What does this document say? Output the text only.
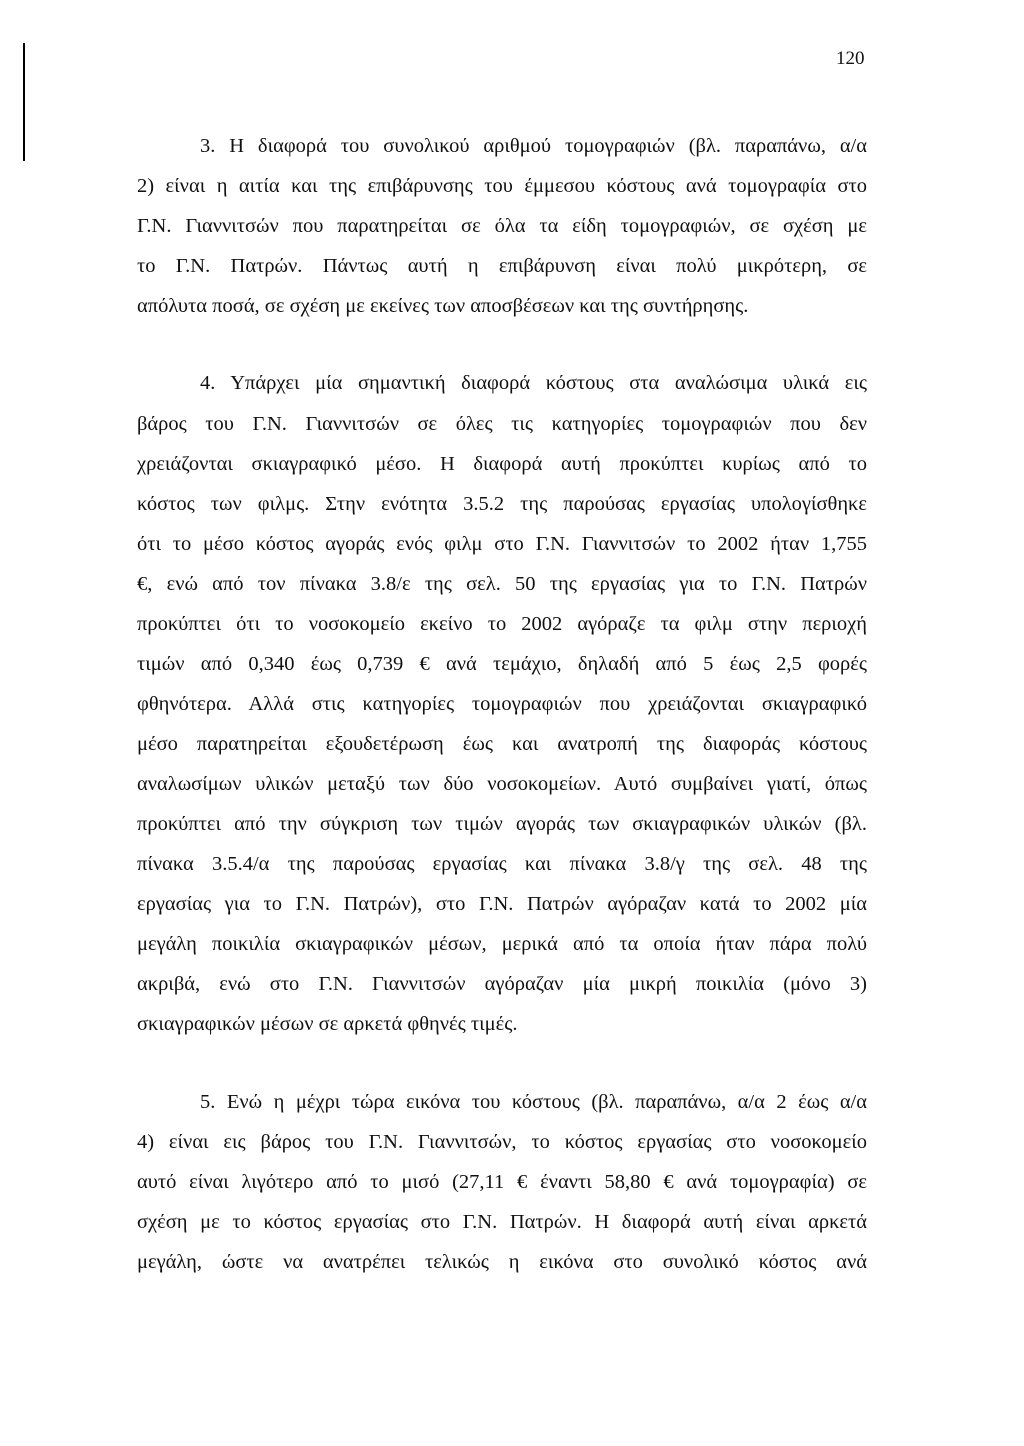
120
3. Η διαφορά του συνολικού αριθμού τομογραφιών (βλ. παραπάνω, α/α
2) είναι η αιτία και της επιβάρυνσης του έμμεσου κόστους ανά τομογραφία στο
Γ.Ν. Γιαννιτσών που παρατηρείται σε όλα τα είδη τομογραφιών, σε σχέση με
το Γ.Ν. Πατρών. Πάντως αυτή η επιβάρυνση είναι πολύ μικρότερη, σε
απόλυτα ποσά, σε σχέση με εκείνες των αποσβέσεων και της συντήρησης.
4. Υπάρχει μία σημαντική διαφορά κόστους στα αναλώσιμα υλικά εις
βάρος του Γ.Ν. Γιαννιτσών σε όλες τις κατηγορίες τομογραφιών που δεν
χρειάζονται σκιαγραφικό μέσο. Η διαφορά αυτή προκύπτει κυρίως από το
κόστος των φιλμς. Στην ενότητα 3.5.2 της παρούσας εργασίας υπολογίσθηκε
ότι το μέσο κόστος αγοράς ενός φιλμ στο Γ.Ν. Γιαννιτσών το 2002 ήταν 1,755
€, ενώ από τον πίνακα 3.8/ε της σελ. 50 της εργασίας για το Γ.Ν. Πατρών
προκύπτει ότι το νοσοκομείο εκείνο το 2002 αγόραζε τα φιλμ στην περιοχή
τιμών από 0,340 έως 0,739 € ανά τεμάχιο, δηλαδή από 5 έως 2,5 φορές
φθηνότερα. Αλλά στις κατηγορίες τομογραφιών που χρειάζονται σκιαγραφικό
μέσο παρατηρείται εξουδετέρωση έως και ανατροπή της διαφοράς κόστους
αναλωσίμων υλικών μεταξύ των δύο νοσοκομείων. Αυτό συμβαίνει γιατί, όπως
προκύπτει από την σύγκριση των τιμών αγοράς των σκιαγραφικών υλικών (βλ.
πίνακα 3.5.4/α της παρούσας εργασίας και πίνακα 3.8/γ της σελ. 48 της
εργασίας για το Γ.Ν. Πατρών), στο Γ.Ν. Πατρών αγόραζαν κατά το 2002 μία
μεγάλη ποικιλία σκιαγραφικών μέσων, μερικά από τα οποία ήταν πάρα πολύ
ακριβά, ενώ στο Γ.Ν. Γιαννιτσών αγόραζαν μία μικρή ποικιλία (μόνο 3)
σκιαγραφικών μέσων σε αρκετά φθηνές τιμές.
5. Ενώ η μέχρι τώρα εικόνα του κόστους (βλ. παραπάνω, α/α 2 έως α/α
4) είναι εις βάρος του Γ.Ν. Γιαννιτσών, το κόστος εργασίας στο νοσοκομείο
αυτό είναι λιγότερο από το μισό (27,11 € έναντι 58,80 € ανά τομογραφία) σε
σχέση με το κόστος εργασίας στο Γ.Ν. Πατρών. Η διαφορά αυτή είναι αρκετά
μεγάλη, ώστε να ανατρέπει τελικώς η εικόνα στο συνολικό κόστος ανά
